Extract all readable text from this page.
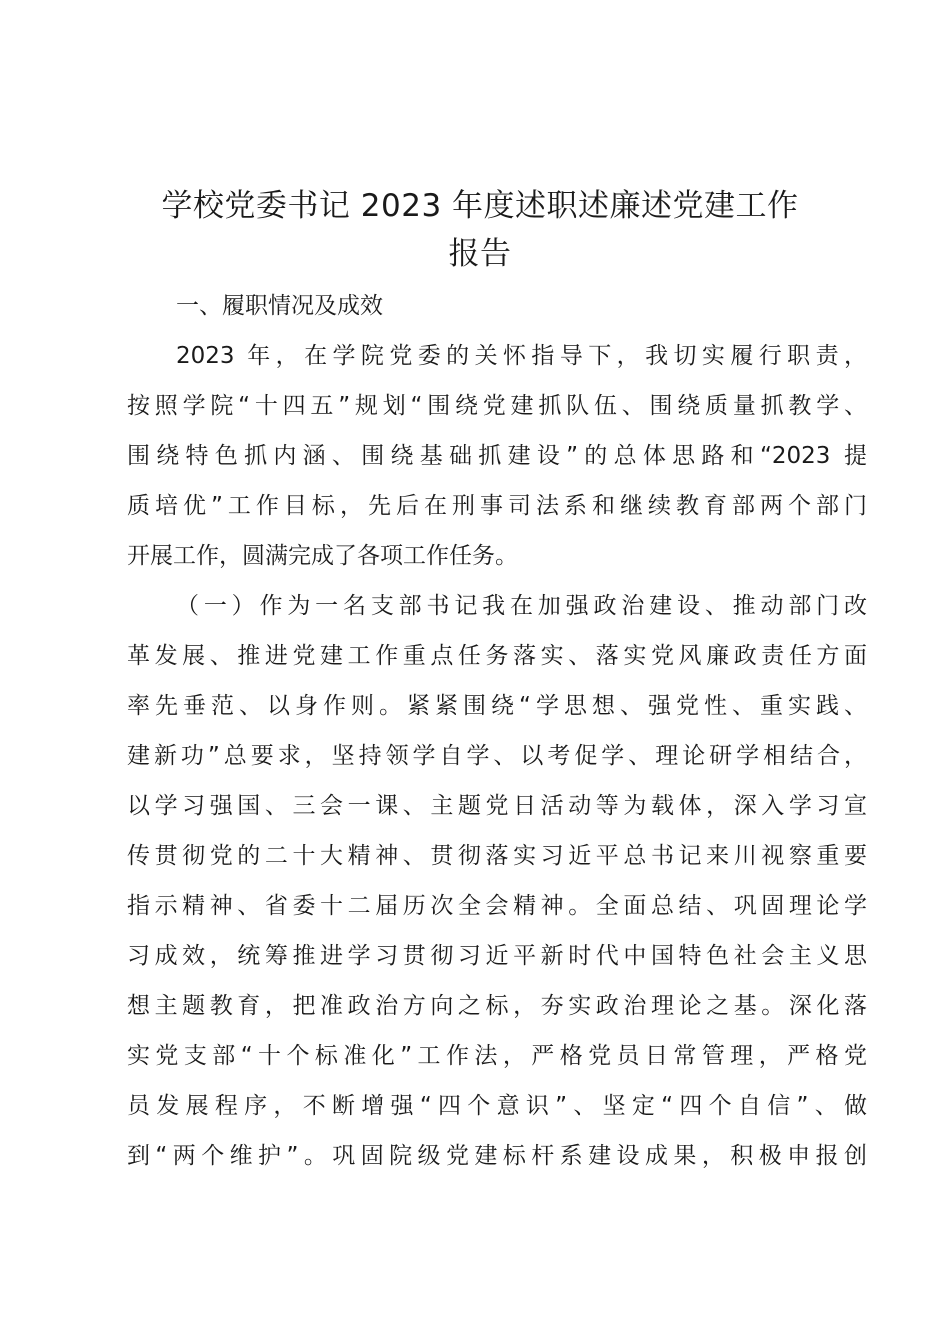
学校党委书记 2023 年度述职述廉述党建工作
报告
一、履职情况及成效
2023 年，在学院党委的关怀指导下，我切实履行职责，
按照学院“十四五”规划“围绕党建抓队伍、围绕质量抓教学、
围绕特色抓内涵、围绕基础抓建设”的总体思路和“2023 提
质培优”工作目标，先后在刑事司法系和继续教育部两个部门
开展工作，圆满完成了各项工作任务。
（一）作为一名支部书记我在加强政治建设、推动部门改
革发展、推进党建工作重点任务落实、落实党风廉政责任方面
率先垂范、以身作则。紧紧围绕“学思想、强党性、重实践、
建新功”总要求，坚持领学自学、以考促学、理论研学相结合，
以学习强国、三会一课、主题党日活动等为载体，深入学习宣
传贯彻党的二十大精神、贯彻落实习近平总书记来川视察重要
指示精神、省委十二届历次全会精神。全面总结、巩固理论学
习成效，统筹推进学习贯彻习近平新时代中国特色社会主义思
想主题教育，把准政治方向之标，夯实政治理论之基。深化落
实党支部“十个标准化”工作法，严格党员日常管理，严格党
员发展程序，不断增强“四个意识”、坚定“四个自信”、做
到“两个维护”。巩固院级党建标杆系建设成果，积极申报创
